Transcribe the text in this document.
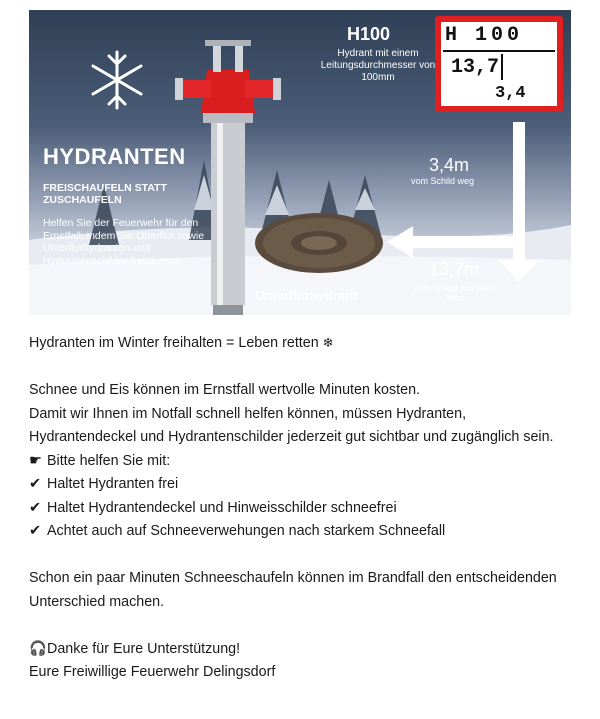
HYDRANTEN
FREISCHAUFELN STATT ZUSCHAUFELN
Helfen Sie der Feuerwehr für den Ernstfall, indem Sie Oberflur sowie Unterflurhydranten und Hydrantenschilder freiräumen.
H100
Hydrant mit einem Leitungsdurchmesser von 100mm
H 100
13,7
3,4
3,4m
vom Schild weg
13,7m
vom Schild aus nach links
Unterflurhydrant

Hydranten im Winter freihalten = Leben retten ❄

Schnee und Eis können im Ernstfall wertvolle Minuten kosten.

Damit wir Ihnen im Notfall schnell helfen können, müssen Hydranten, Hydrantendeckel und Hydrantenschilder jederzeit gut sichtbar und zugänglich sein.

☛ Bitte helfen Sie mit:

✔ Haltet Hydranten frei

✔ Haltet Hydrantendeckel und Hinweisschilder schneefrei

✔ Achtet auch auf Schneeverwehungen nach starkem Schneefall

Schon ein paar Minuten Schneeschaufeln können im Brandfall den entscheidenden Unterschied machen.

🎧Danke für Eure Unterstützung!

Eure Freiwillige Feuerwehr Delingsdorf
